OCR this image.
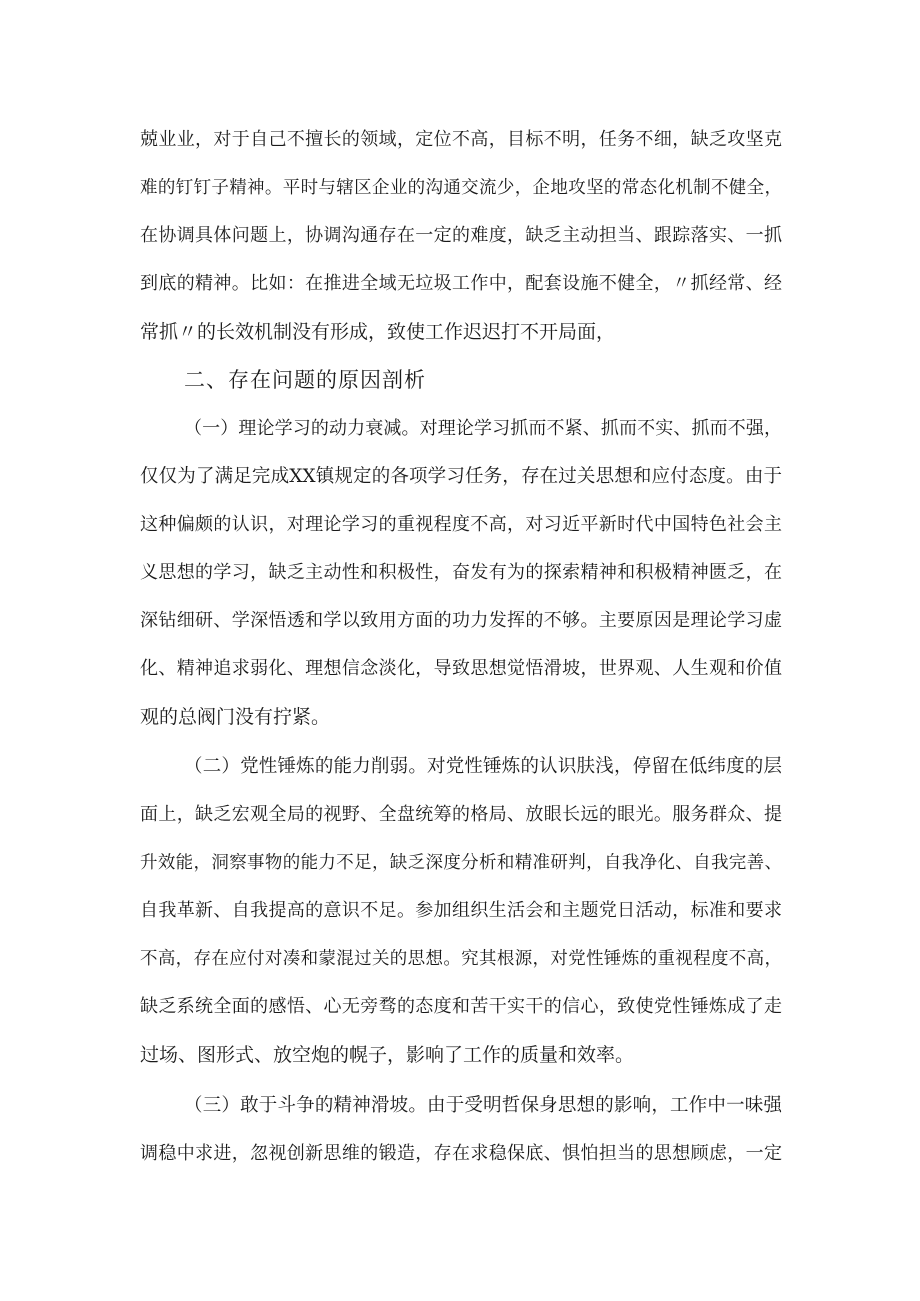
兢业业，对于自己不擅长的领域，定位不高，目标不明，任务不细，缺乏攻坚克
难的钉钉子精神。平时与辖区企业的沟通交流少，企地攻坚的常态化机制不健全，
在协调具体问题上，协调沟通存在一定的难度，缺乏主动担当、跟踪落实、一抓
到底的精神。比如：在推进全域无垃圾工作中，配套设施不健全，〃抓经常、经
常抓〃的长效机制没有形成，致使工作迟迟打不开局面，
二、存在问题的原因剖析
（一）理论学习的动力衰减。对理论学习抓而不紧、抓而不实、抓而不强，
仅仅为了满足完成XX镇规定的各项学习任务，存在过关思想和应付态度。由于
这种偏颇的认识，对理论学习的重视程度不高，对习近平新时代中国特色社会主
义思想的学习，缺乏主动性和积极性，奋发有为的探索精神和积极精神匮乏，在
深钻细研、学深悟透和学以致用方面的功力发挥的不够。主要原因是理论学习虚
化、精神追求弱化、理想信念淡化，导致思想觉悟滑坡，世界观、人生观和价值
观的总阀门没有拧紧。
（二）党性锤炼的能力削弱。对党性锤炼的认识肤浅，停留在低纬度的层
面上，缺乏宏观全局的视野、全盘统筹的格局、放眼长远的眼光。服务群众、提
升效能，洞察事物的能力不足，缺乏深度分析和精准研判，自我净化、自我完善、
自我革新、自我提高的意识不足。参加组织生活会和主题党日活动，标准和要求
不高，存在应付对凑和蒙混过关的思想。究其根源，对党性锤炼的重视程度不高，
缺乏系统全面的感悟、心无旁骛的态度和苦干实干的信心，致使党性锤炼成了走
过场、图形式、放空炮的幌子，影响了工作的质量和效率。
（三）敢于斗争的精神滑坡。由于受明哲保身思想的影响，工作中一味强
调稳中求进，忽视创新思维的锻造，存在求稳保底、惧怕担当的思想顾虑，一定
